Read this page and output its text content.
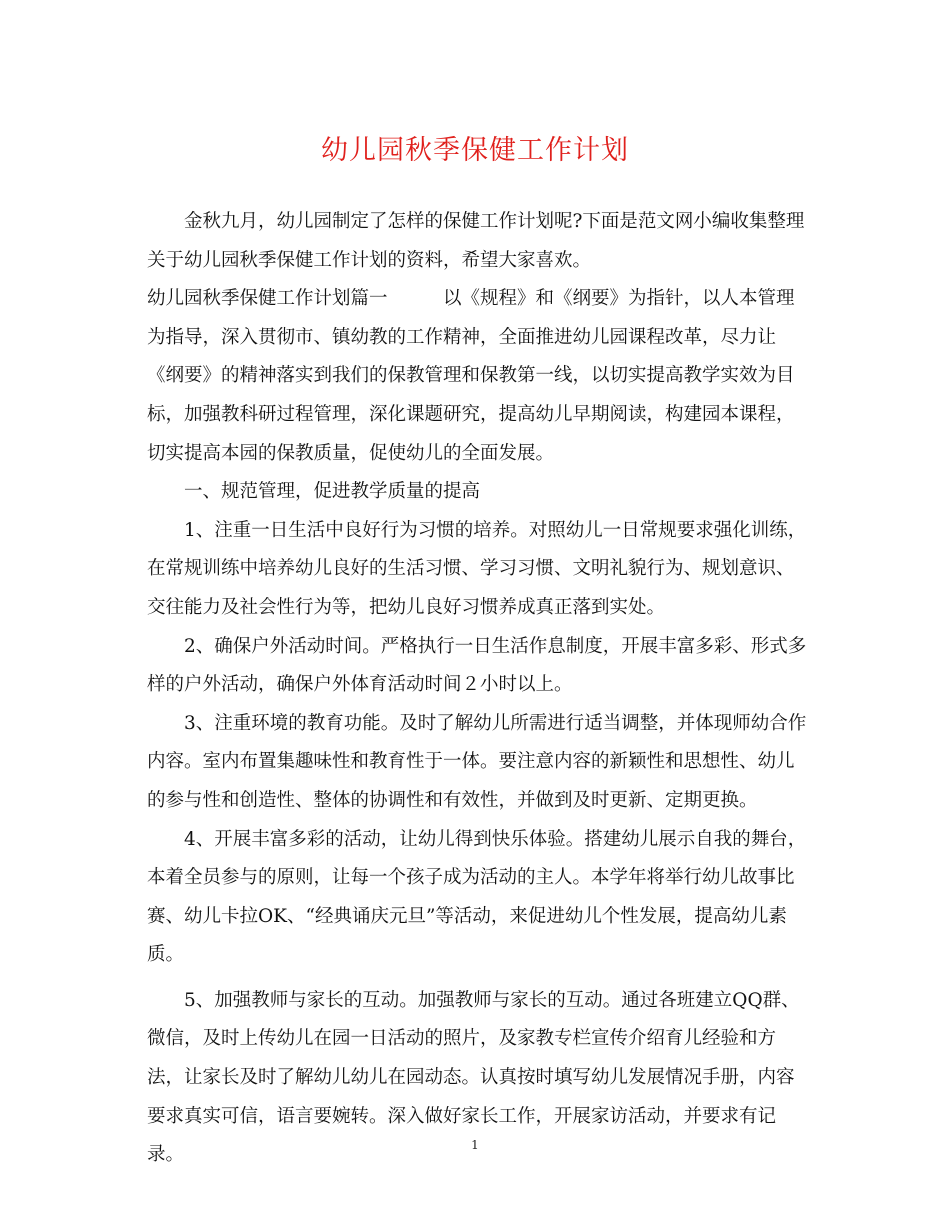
幼儿园秋季保健工作计划

金秋九月，幼儿园制定了怎样的保健工作计划呢?下面是范文网小编收集整理关于幼儿园秋季保健工作计划的资料，希望大家喜欢。

幼儿园秋季保健工作计划篇一　　　以《规程》和《纲要》为指针，以人本管理为指导，深入贯彻市、镇幼教的工作精神，全面推进幼儿园课程改革，尽力让《纲要》的精神落实到我们的保教管理和保教第一线，以切实提高教学实效为目标，加强教科研过程管理，深化课题研究，提高幼儿早期阅读，构建园本课程，切实提高本园的保教质量，促使幼儿的全面发展。

一、规范管理，促进教学质量的提高

1、注重一日生活中良好行为习惯的培养。对照幼儿一日常规要求强化训练，在常规训练中培养幼儿良好的生活习惯、学习习惯、文明礼貌行为、规划意识、交往能力及社会性行为等，把幼儿良好习惯养成真正落到实处。

2、确保户外活动时间。严格执行一日生活作息制度，开展丰富多彩、形式多样的户外活动，确保户外体育活动时间２小时以上。

3、注重环境的教育功能。及时了解幼儿所需进行适当调整，并体现师幼合作内容。室内布置集趣味性和教育性于一体。要注意内容的新颖性和思想性、幼儿的参与性和创造性、整体的协调性和有效性，并做到及时更新、定期更换。

4、开展丰富多彩的活动，让幼儿得到快乐体验。搭建幼儿展示自我的舞台，本着全员参与的原则，让每一个孩子成为活动的主人。本学年将举行幼儿故事比赛、幼儿卡拉OK、“经典诵庆元旦”等活动，来促进幼儿个性发展，提高幼儿素质。

5、加强教师与家长的互动。加强教师与家长的互动。通过各班建立QQ群、微信，及时上传幼儿在园一日活动的照片，及家教专栏宣传介绍育儿经验和方法，让家长及时了解幼儿幼儿在园动态。认真按时填写幼儿发展情况手册，内容要求真实可信，语言要婉转。深入做好家长工作，开展家访活动，并要求有记录。	1
